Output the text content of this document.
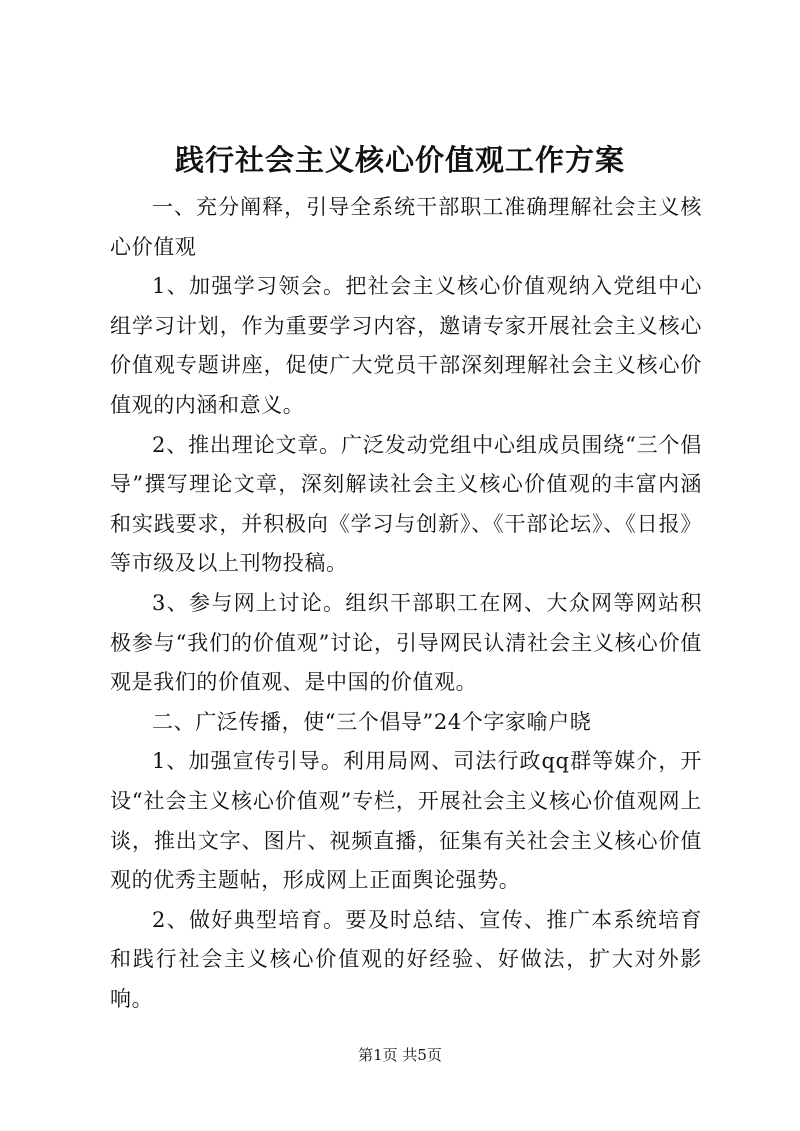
践行社会主义核心价值观工作方案

一、充分阐释，引导全系统干部职工准确理解社会主义核心价值观

1、加强学习领会。把社会主义核心价值观纳入党组中心组学习计划，作为重要学习内容，邀请专家开展社会主义核心价值观专题讲座，促使广大党员干部深刻理解社会主义核心价值观的内涵和意义。

2、推出理论文章。广泛发动党组中心组成员围绕“三个倡导”撰写理论文章，深刻解读社会主义核心价值观的丰富内涵和实践要求，并积极向《学习与创新》、《干部论坛》、《日报》等市级及以上刊物投稿。

3、参与网上讨论。组织干部职工在网、大众网等网站积极参与“我们的价值观”讨论，引导网民认清社会主义核心价值观是我们的价值观、是中国的价值观。

二、广泛传播，使“三个倡导”24个字家喻户晓

1、加强宣传引导。利用局网、司法行政qq群等媒介，开设“社会主义核心价值观”专栏，开展社会主义核心价值观网上谈，推出文字、图片、视频直播，征集有关社会主义核心价值观的优秀主题帖，形成网上正面舆论强势。

2、做好典型培育。要及时总结、宣传、推广本系统培育和践行社会主义核心价值观的好经验、好做法，扩大对外影响。

第1页 共5页
